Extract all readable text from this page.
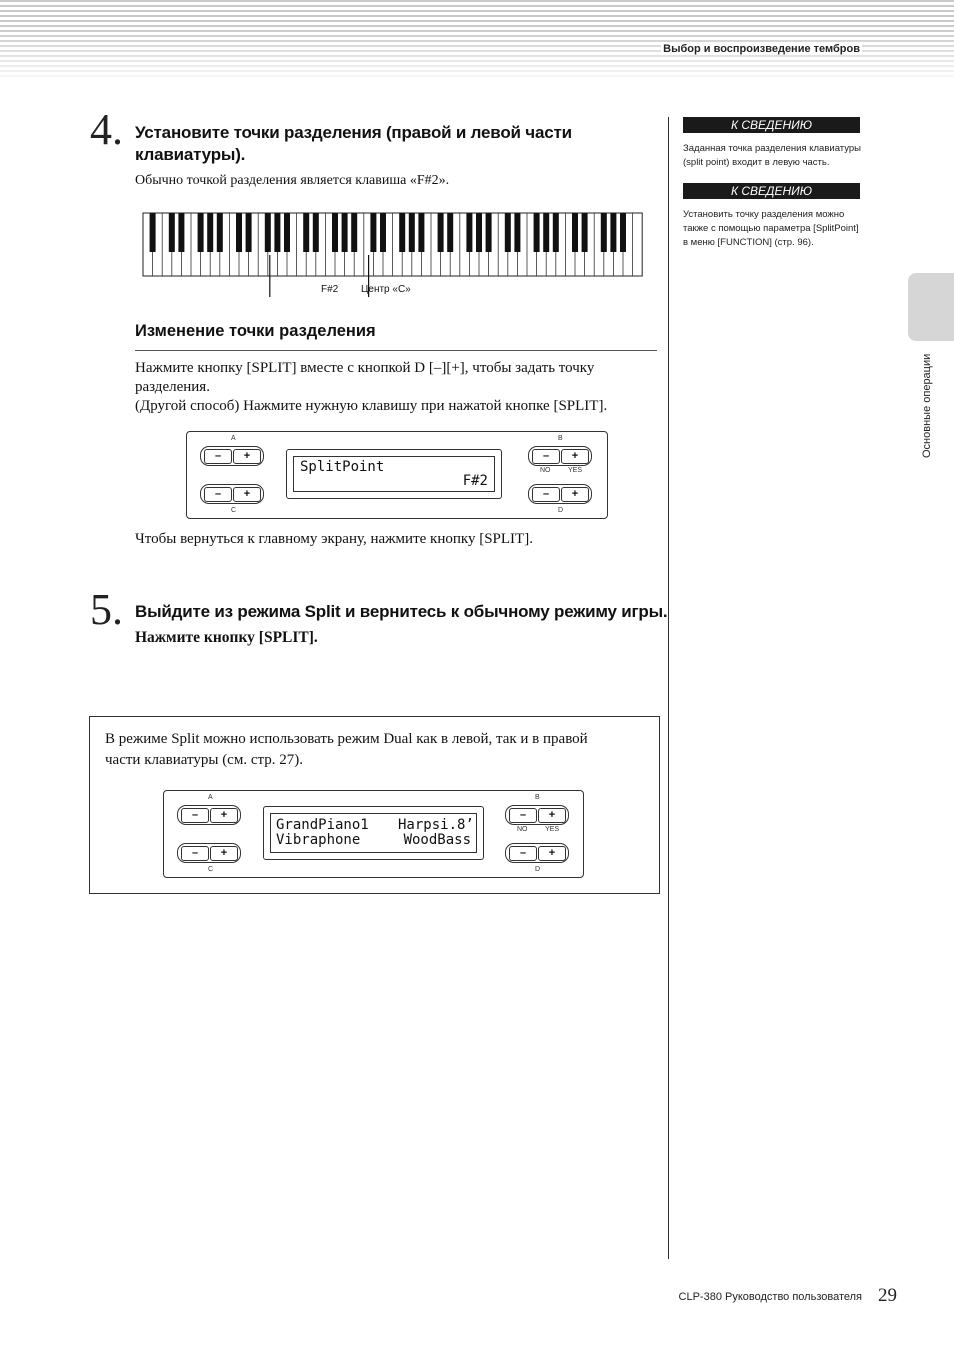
Выбор и воспроизведение тембров
4. Установите точки разделения (правой и левой части
клавиатуры).
Обычно точкой разделения является клавиша «F#2».
F#2 Центр «C»
Изменение точки разделения
Нажмите кнопку [SPLIT] вместе с кнопкой D [–][+], чтобы задать точку
разделения.
(Другой способ) Нажмите нужную клавишу при нажатой кнопке [SPLIT].
A
–	+
–	+
C
SplitPoint
F#2
B
–	+
NO	YES
–	+
D
Чтобы вернуться к главному экрану, нажмите кнопку [SPLIT].
5. Выйдите из режима Split и вернитесь к обычному режиму игры.
Нажмите кнопку [SPLIT].
В режиме Split можно использовать режим Dual как в левой, так и в правой
части клавиатуры (см. стр. 27).
A
–	+
–	+
C
GrandPiano1 Harpsi.8’
Vibraphone	WoodBass
B
–	+
NO	YES
–	+
D
К СВЕДЕНИЮ
Заданная точка разделения клавиатуры
(split point) входит в левую часть.
К СВЕДЕНИЮ
Установить точку разделения можно
также с помощью параметра [SplitPoint]
в меню [FUNCTION] (стр. 96).
Основные операции
CLP-380 Руководство пользователя 29
